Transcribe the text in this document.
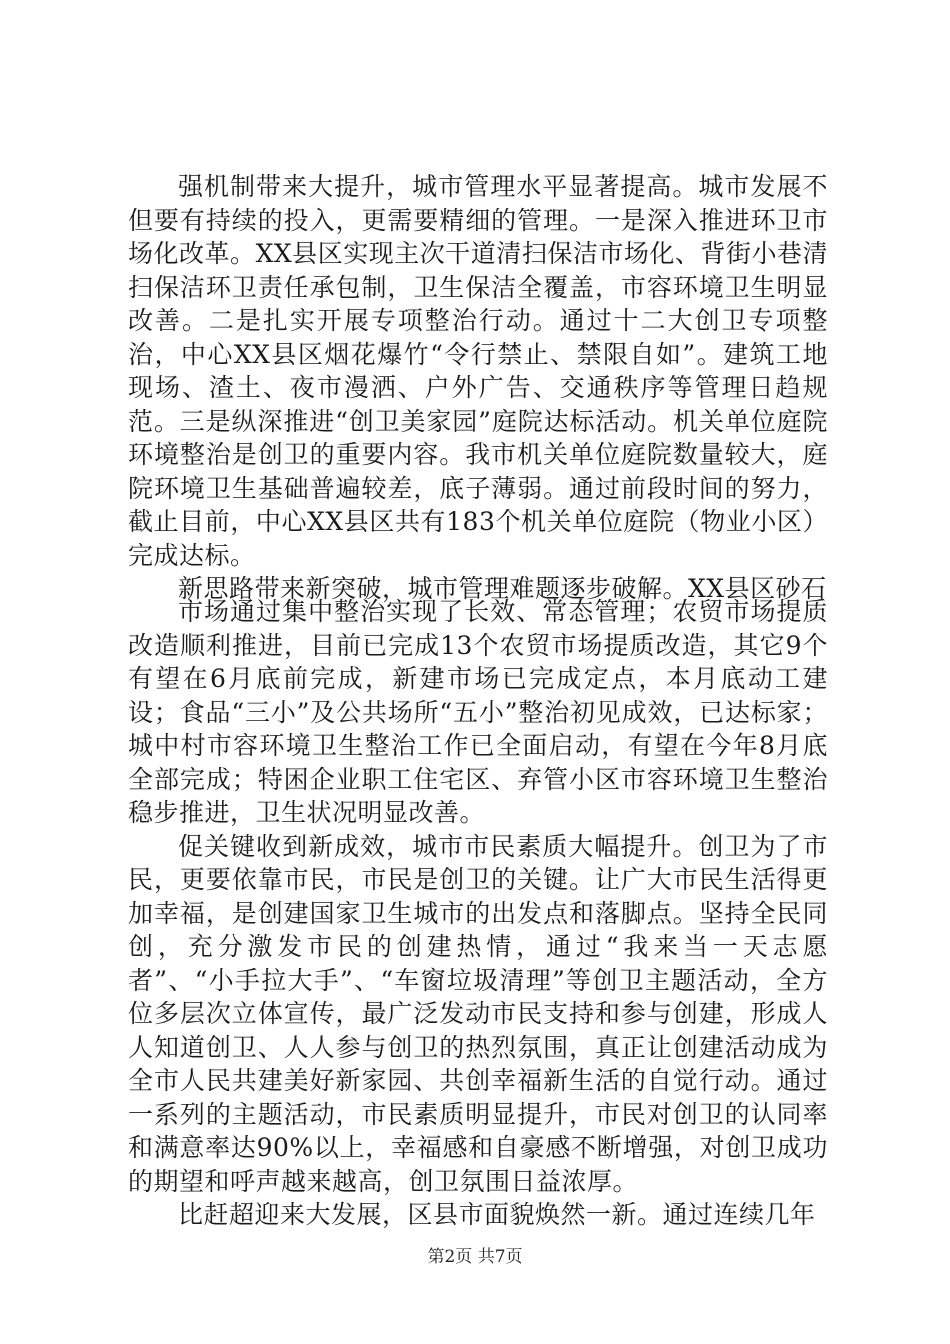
强机制带来大提升，城市管理水平显著提高。城市发展不但要有持续的投入，更需要精细的管理。一是深入推进环卫市场化改革。XX县区实现主次干道清扫保洁市场化、背街小巷清扫保洁环卫责任承包制，卫生保洁全覆盖，市容环境卫生明显改善。二是扎实开展专项整治行动。通过十二大创卫专项整治，中心XX县区烟花爆竹“令行禁止、禁限自如”。建筑工地现场、渣土、夜市漫洒、户外广告、交通秩序等管理日趋规范。三是纵深推进“创卫美家园”庭院达标活动。机关单位庭院环境整治是创卫的重要内容。我市机关单位庭院数量较大，庭院环境卫生基础普遍较差，底子薄弱。通过前段时间的努力，截止目前，中心XX县区共有183个机关单位庭院（物业小区）完成达标。

新思路带来新突破，城市管理难题逐步破解。XX县区砂石

市场通过集中整治实现了长效、常态管理；农贸市场提质改造顺利推进，目前已完成13个农贸市场提质改造，其它9个有望在6月底前完成，新建市场已完成定点，本月底动工建设；食品“三小”及公共场所“五小”整治初见成效，已达标家；城中村市容环境卫生整治工作已全面启动，有望在今年8月底全部完成；特困企业职工住宅区、弃管小区市容环境卫生整治稳步推进，卫生状况明显改善。

促关键收到新成效，城市市民素质大幅提升。创卫为了市民，更要依靠市民，市民是创卫的关键。让广大市民生活得更加幸福，是创建国家卫生城市的出发点和落脚点。坚持全民同创，充分激发市民的创建热情，通过“我来当一天志愿者”、“小手拉大手”、“车窗垃圾清理”等创卫主题活动，全方位多层次立体宣传，最广泛发动市民支持和参与创建，形成人人知道创卫、人人参与创卫的热烈氛围，真正让创建活动成为全市人民共建美好新家园、共创幸福新生活的自觉行动。通过一系列的主题活动，市民素质明显提升，市民对创卫的认同率和满意率达90%以上，幸福感和自豪感不断增强，对创卫成功的期望和呼声越来越高，创卫氛围日益浓厚。

比赶超迎来大发展，区县市面貌焕然一新。通过连续几年

第2页 共7页
